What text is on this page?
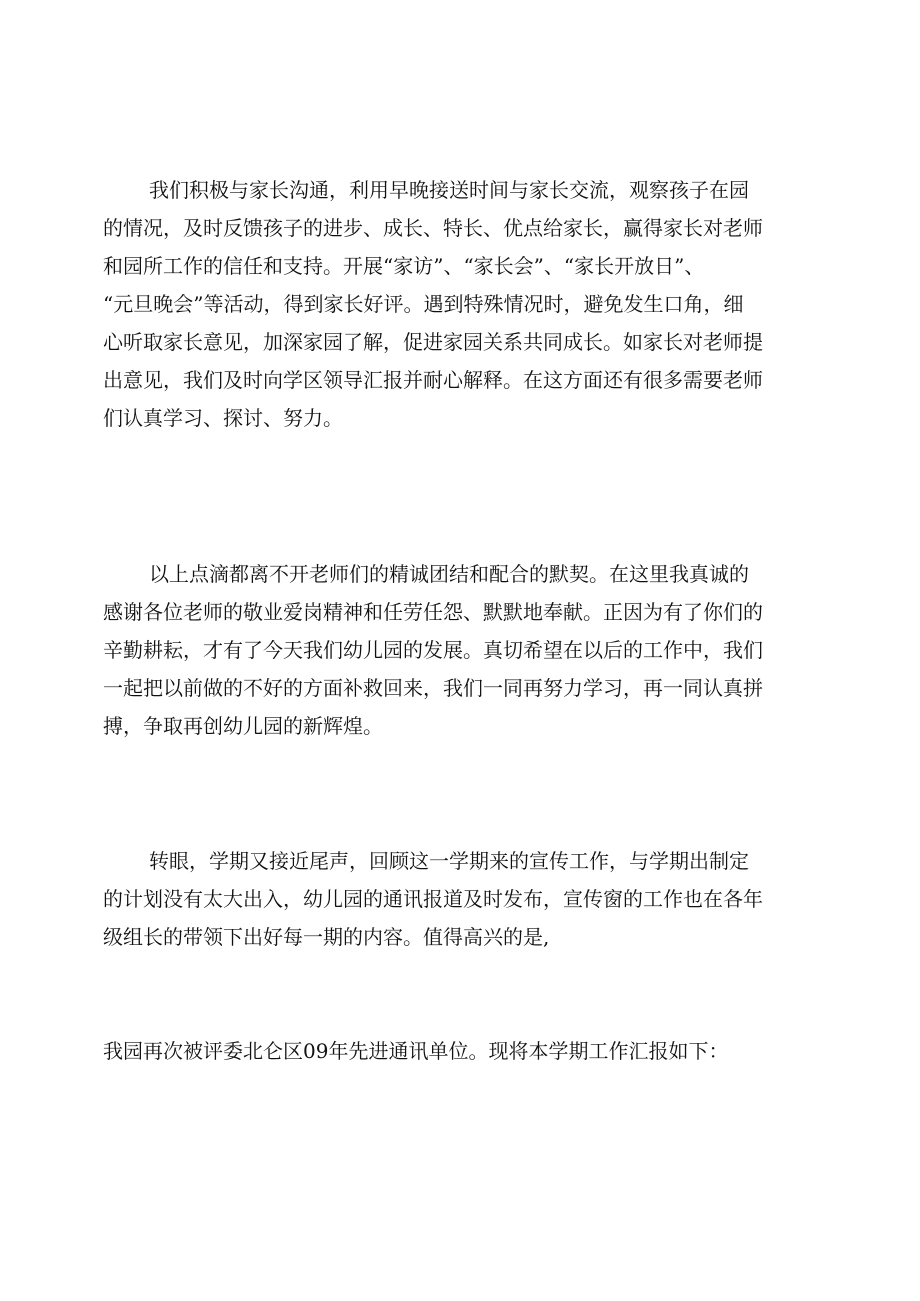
我们积极与家长沟通，利用早晚接送时间与家长交流，观察孩子在园
的情况，及时反馈孩子的进步、成长、特长、优点给家长，赢得家长对老师
和园所工作的信任和支持。开展“家访”、“家长会”、“家长开放日”、
“元旦晚会”等活动，得到家长好评。遇到特殊情况时，避免发生口角，细
心听取家长意见，加深家园了解，促进家园关系共同成长。如家长对老师提
出意见，我们及时向学区领导汇报并耐心解释。在这方面还有很多需要老师
们认真学习、探讨、努力。
以上点滴都离不开老师们的精诚团结和配合的默契。在这里我真诚的
感谢各位老师的敬业爱岗精神和任劳任怨、默默地奉献。正因为有了你们的
辛勤耕耘，才有了今天我们幼儿园的发展。真切希望在以后的工作中，我们
一起把以前做的不好的方面补救回来，我们一同再努力学习，再一同认真拼
搏，争取再创幼儿园的新辉煌。
转眼，学期又接近尾声，回顾这一学期来的宣传工作，与学期出制定
的计划没有太大出入，幼儿园的通讯报道及时发布，宣传窗的工作也在各年
级组长的带领下出好每一期的内容。值得高兴的是,
我园再次被评委北仑区09年先进通讯单位。现将本学期工作汇报如下：
